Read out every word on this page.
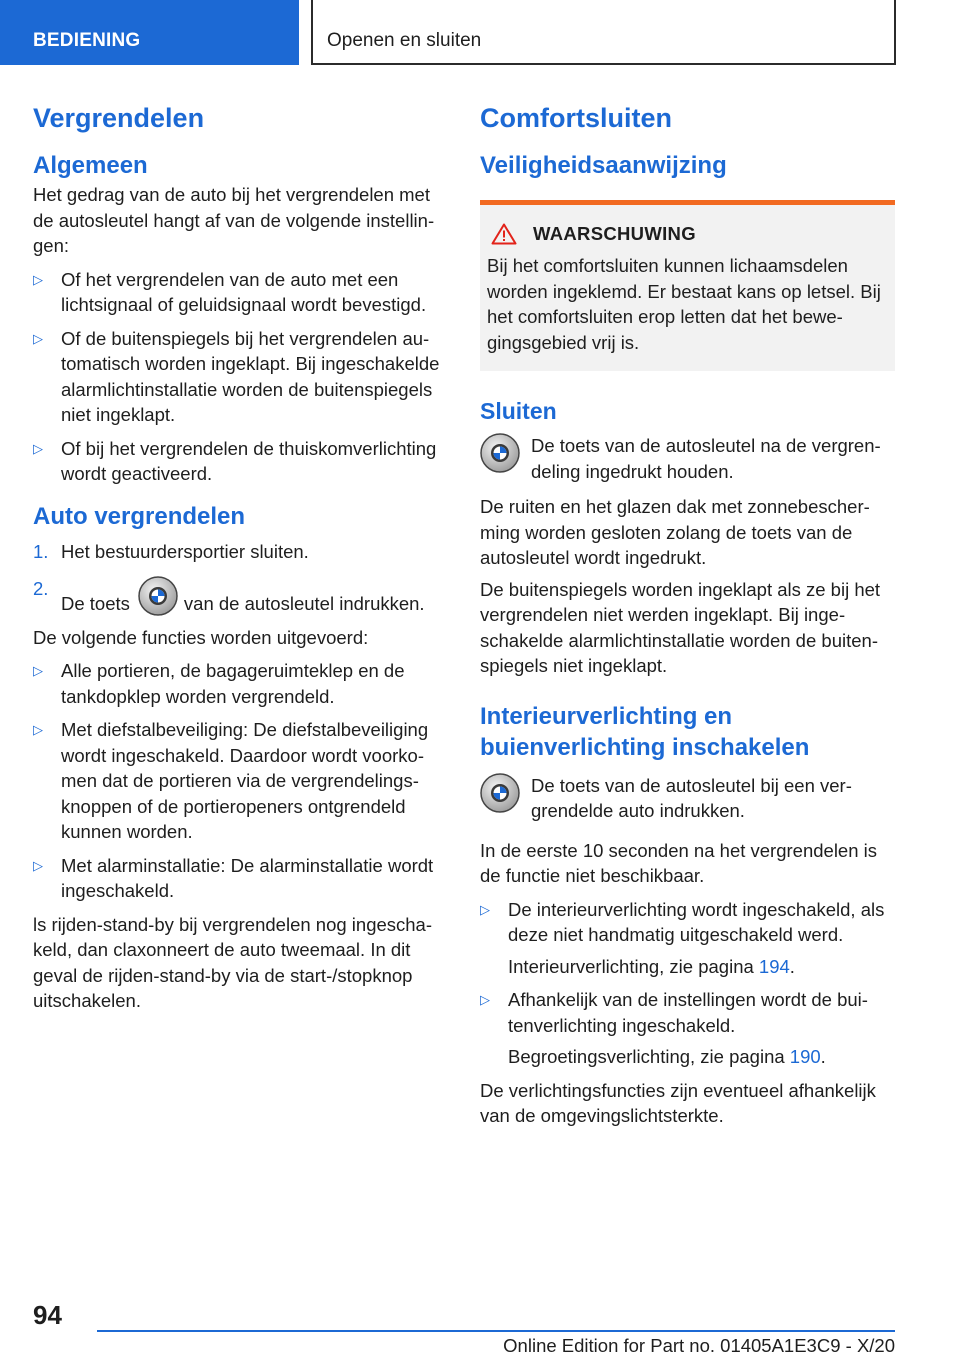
BEDIENING	Openen en sluiten
Vergrendelen
Algemeen

Het gedrag van de auto bij het vergrendelen met de autosleutel hangt af van de volgende instellingen:

▷ Of het vergrendelen van de auto met een lichtsignaal of geluidsignaal wordt bevestigd.
▷ Of de buitenspiegels bij het vergrendelen automatisch worden ingeklapt. Bij ingeschakelde alarmlichtinstallatie worden de buitenspiegels niet ingeklapt.
▷ Of bij het vergrendelen de thuiskomverlichting wordt geactiveerd.
Auto vergrendelen
1. Het bestuurdersportier sluiten.
2.
De toets	van de autosleutel indrukken.

De volgende functies worden uitgevoerd:

▷ Alle portieren, de bagageruimteklep en de tankdopklep worden vergrendeld.
▷ Met diefstalbeveiliging: De diefstalbeveiliging wordt ingeschakeld. Daardoor wordt voorkomen dat de portieren via de vergrendelingsknoppen of de portieropeners ontgrendeld kunnen worden.
▷ Met alarminstallatie: De alarminstallatie wordt ingeschakeld.

ls rijden-stand-by bij vergrendelen nog ingeschakeld, dan claxonneert de auto tweemaal. In dit geval de rijden-stand-by via de start-/stopknop uitschakelen.

Comfortsluiten
Veiligheidsaanwijzing
WAARSCHUWING

Bij het comfortsluiten kunnen lichaamsdelen worden ingeklemd. Er bestaat kans op letsel. Bij het comfortsluiten erop letten dat het bewegingsgebied vrij is.

Sluiten

De toets van de autosleutel na de vergrendeling ingedrukt houden.

De ruiten en het glazen dak met zonnebescherming worden gesloten zolang de toets van de autosleutel wordt ingedrukt.

De buitenspiegels worden ingeklapt als ze bij het vergrendelen niet werden ingeklapt. Bij ingeschakelde alarmlichtinstallatie worden de buitenspiegels niet ingeklapt.

Interieurverlichting en buienverlichting inschakelen

De toets van de autosleutel bij een vergrendelde auto indrukken.

In de eerste 10 seconden na het vergrendelen is de functie niet beschikbaar.

▷ De interieurverlichting wordt ingeschakeld, als deze niet handmatig uitgeschakeld werd.
Interieurverlichting, zie pagina 194.
▷ Afhankelijk van de instellingen wordt de buitenverlichting ingeschakeld.
Begroetingsverlichting, zie pagina 190.

De verlichtingsfuncties zijn eventueel afhankelijk van de omgevingslichtsterkte.

94
Online Edition for Part no. 01405A1E3C9 - X/20
